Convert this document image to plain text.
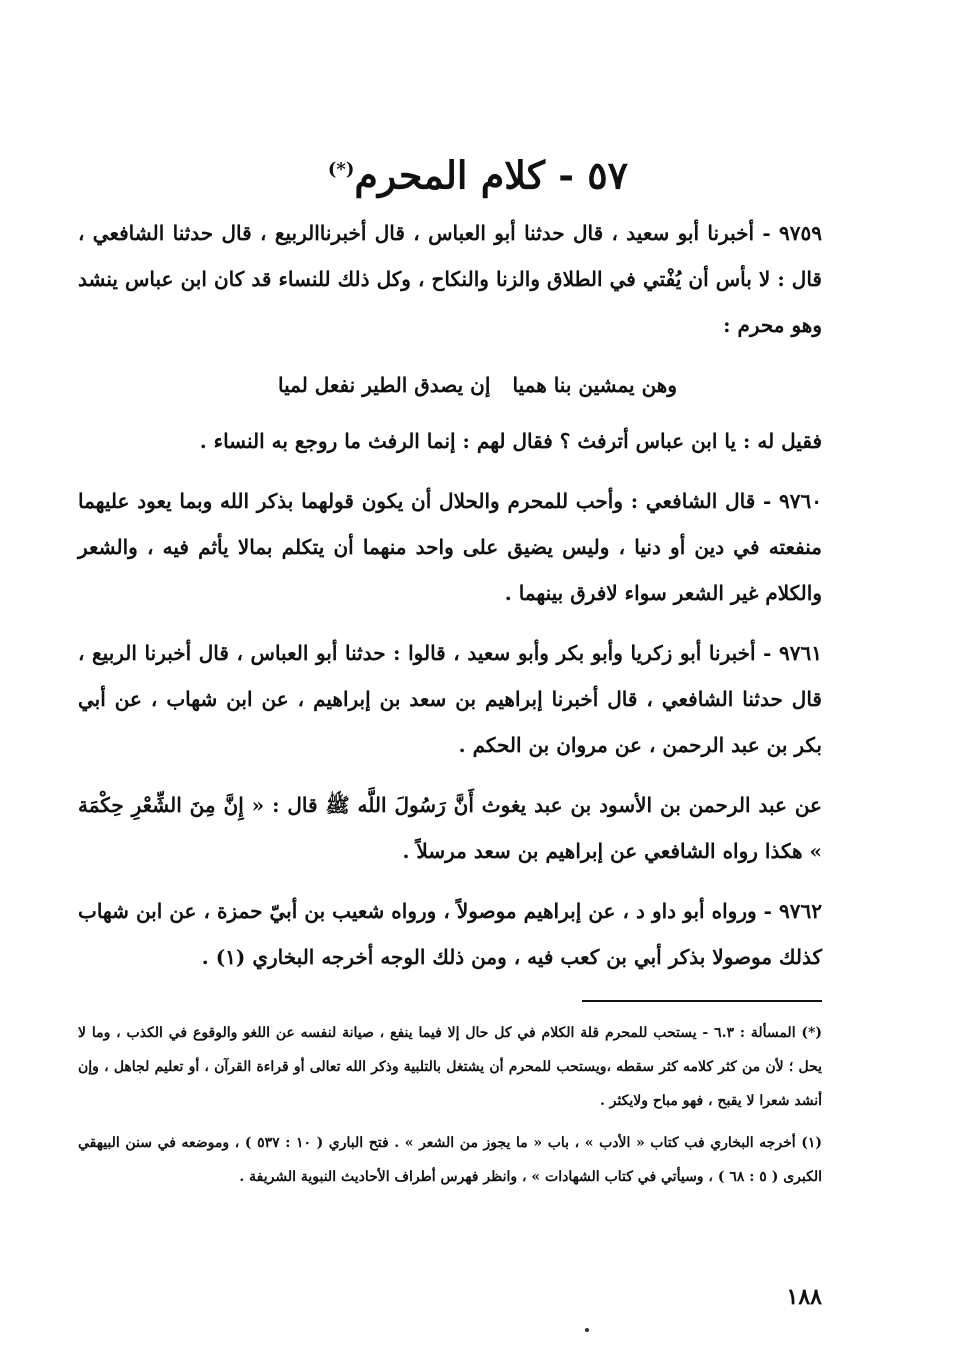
٥٧ - كلام المحرم(*)

٩٧٥٩ - أخبرنا أبو سعيد ، قال حدثنا أبو العباس ، قال أخبرناالربيع ، قال حدثنا الشافعي ، قال : لا بأس أن يُفْتي في الطلاق والزنا والنكاح ، وكل ذلك للنساء قد كان ابن عباس ينشد وهو محرم :

وهن يمشين بنا هميا
إن يصدق الطير نفعل لميا

فقيل له : يا ابن عباس أترفث ؟ فقال لهم : إنما الرفث ما روجع به النساء .

٩٧٦٠ - قال الشافعي : وأحب للمحرم والحلال أن يكون قولهما بذكر الله وبما يعود عليهما منفعته في دين أو دنيا ، وليس يضيق على واحد منهما أن يتكلم بمالا يأثم فيه ، والشعر والكلام غير الشعر سواء لافرق بينهما .

٩٧٦١ - أخبرنا أبو زكريا وأبو بكر وأبو سعيد ، قالوا : حدثنا أبو العباس ، قال أخبرنا الربيع ، قال حدثنا الشافعي ، قال أخبرنا إبراهيم بن سعد بن إبراهيم ، عن ابن شهاب ، عن أبي بكر بن عبد الرحمن ، عن مروان بن الحكم .

عن عبد الرحمن بن الأسود بن عبد يغوث أَنَّ رَسُولَ اللَّه ﷺ قال : « إِنَّ مِنَ الشِّعْرِ حِكْمَة » هكذا رواه الشافعي عن إبراهيم بن سعد مرسلاً .

٩٧٦٢ - ورواه أبو داو د ، عن إبراهيم موصولاً ، ورواه شعيب بن أبيّ حمزة ، عن ابن شهاب كذلك موصولا بذكر أبي بن كعب فيه ، ومن ذلك الوجه أخرجه البخاري (١) .

(*) المسألة : ٦.٣ - يستحب للمحرم قلة الكلام في كل حال إلا فيما ينفع ، صيانة لنفسه عن اللغو والوقوع في الكذب ، وما لا يحل ؛ لأن من كثر كلامه كثر سقطه ،ويستحب للمحرم أن يشتغل بالتلبية وذكر الله تعالى أو قراءة القرآن ، أو تعليم لجاهل ، وإن أنشد شعرا لا يقبح ، فهو مباح ولايكثر .

(١) أخرجه البخاري فب كتاب « الأدب » ، باب « ما يجوز من الشعر » . فتح الباري ( ١٠ : ٥٣٧ ) ، وموضعه في سنن البيهقي الكبرى ( ٥ : ٦٨ ) ، وسيأتي في كتاب الشهادات » ، وانظر فهرس أطراف الأحاديث النبوية الشريفة .

١٨٨
